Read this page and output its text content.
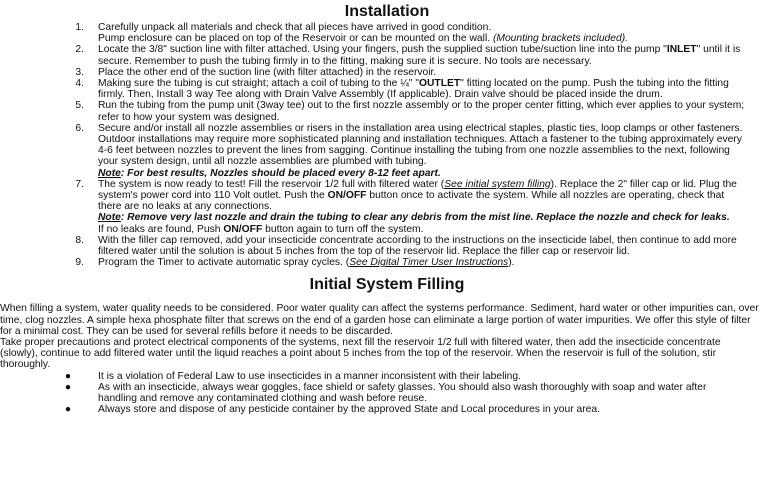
Installation
1.	Carefully unpack all materials and check that all pieces have arrived in good condition.

Pump enclosure can be placed on top of the Reservoir or can be mounted on the wall. (Mounting brackets included).

2.	Locate the 3/8" suction line with filter attached. Using your fingers, push the supplied suction tube/suction line into the pump "INLET" until it is secure. Remember to push the tubing firmly in to the fitting, making sure it is secure. No tools are necessary.
3.	Place the other end of the suction line (with filter attached) in the reservoir.
4.	Making sure the tubing is cut straight; attach a coil of tubing to the ¼" "OUTLET" fitting located on the pump. Push the tubing into the fitting firmly. Then, Install 3 way Tee along with Drain Valve Assembly (If applicable). Drain valve should be placed inside the drum.
5.	Run the tubing from the pump unit (3way tee) out to the first nozzle assembly or to the proper center fitting, which ever applies to your system; refer to how your system was designed.
6.	Secure and/or install all nozzle assemblies or risers in the installation area using electrical staples, plastic ties, loop clamps or other fasteners. Outdoor installations may require more sophisticated planning and installation techniques. Attach a fastener to the tubing approximately every 4-6 feet between nozzles to prevent the lines from sagging. Continue installing the tubing from one nozzle assemblies to the next, following your system design, until all nozzle assemblies are plumbed with tubing.

Note: For best results, Nozzles should be placed every 8-12 feet apart.

7.	The system is now ready to test! Fill the reservoir 1/2 full with filtered water (See initial system filling). Replace the 2" filler cap or lid. Plug the system's power cord into 110 Volt outlet. Push the ON/OFF button once to activate the system. While all nozzles are operating, check that there are no leaks at any connections.

Note: Remove very last nozzle and drain the tubing to clear any debris from the mist line. Replace the nozzle and check for leaks.

If no leaks are found, Push ON/OFF button again to turn off the system.

8.	With the filler cap removed, add your insecticide concentrate according to the instructions on the insecticide label, then continue to add more filtered water until the solution is about 5 inches from the top of the reservoir lid. Replace the filler cap or reservoir lid.
9.	Program the Timer to activate automatic spray cycles. (See Digital Timer User Instructions).
Initial System Filling

When filling a system, water quality needs to be considered. Poor water quality can affect the systems performance. Sediment, hard water or other impurities can, over time, clog nozzles. A simple hexa phosphate filter that screws on the end of a garden hose can eliminate a large portion of water impurities. We offer this style of filter for a minimal cost. They can be used for several refills before it needs to be discarded.

Take proper precautions and protect electrical components of the systems, next fill the reservoir 1/2 full with filtered water, then add the insecticide concentrate (slowly), continue to add filtered water until the liquid reaches a point about 5 inches from the top of the reservoir. When the reservoir is full of the solution, stir thoroughly.

●	It is a violation of Federal Law to use insecticides in a manner inconsistent with their labeling.
●	As with an insecticide, always wear goggles, face shield or safety glasses. You should also wash thoroughly with soap and water after handling and remove any contaminated clothing and wash before reuse.
●	Always store and dispose of any pesticide container by the approved State and Local procedures in your area.
